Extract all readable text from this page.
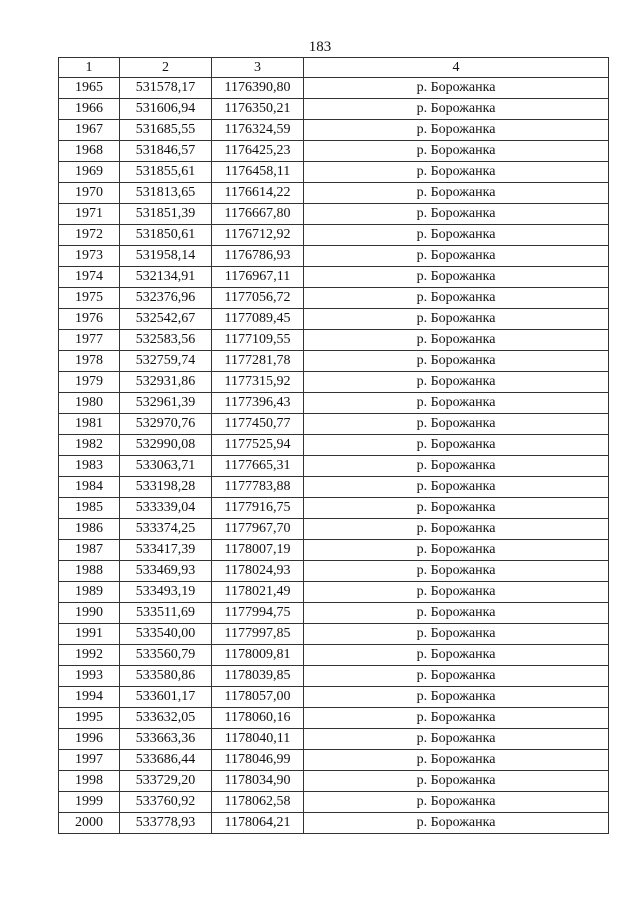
183
1	2	3	4
1965	531578,17	1176390,80	р. Борожанка
1966	531606,94	1176350,21	р. Борожанка
1967	531685,55	1176324,59	р. Борожанка
1968	531846,57	1176425,23	р. Борожанка
1969	531855,61	1176458,11	р. Борожанка
1970	531813,65	1176614,22	р. Борожанка
1971	531851,39	1176667,80	р. Борожанка
1972	531850,61	1176712,92	р. Борожанка
1973	531958,14	1176786,93	р. Борожанка
1974	532134,91	1176967,11	р. Борожанка
1975	532376,96	1177056,72	р. Борожанка
1976	532542,67	1177089,45	р. Борожанка
1977	532583,56	1177109,55	р. Борожанка
1978	532759,74	1177281,78	р. Борожанка
1979	532931,86	1177315,92	р. Борожанка
1980	532961,39	1177396,43	р. Борожанка
1981	532970,76	1177450,77	р. Борожанка
1982	532990,08	1177525,94	р. Борожанка
1983	533063,71	1177665,31	р. Борожанка
1984	533198,28	1177783,88	р. Борожанка
1985	533339,04	1177916,75	р. Борожанка
1986	533374,25	1177967,70	р. Борожанка
1987	533417,39	1178007,19	р. Борожанка
1988	533469,93	1178024,93	р. Борожанка
1989	533493,19	1178021,49	р. Борожанка
1990	533511,69	1177994,75	р. Борожанка
1991	533540,00	1177997,85	р. Борожанка
1992	533560,79	1178009,81	р. Борожанка
1993	533580,86	1178039,85	р. Борожанка
1994	533601,17	1178057,00	р. Борожанка
1995	533632,05	1178060,16	р. Борожанка
1996	533663,36	1178040,11	р. Борожанка
1997	533686,44	1178046,99	р. Борожанка
1998	533729,20	1178034,90	р. Борожанка
1999	533760,92	1178062,58	р. Борожанка
2000	533778,93	1178064,21	р. Борожанка
